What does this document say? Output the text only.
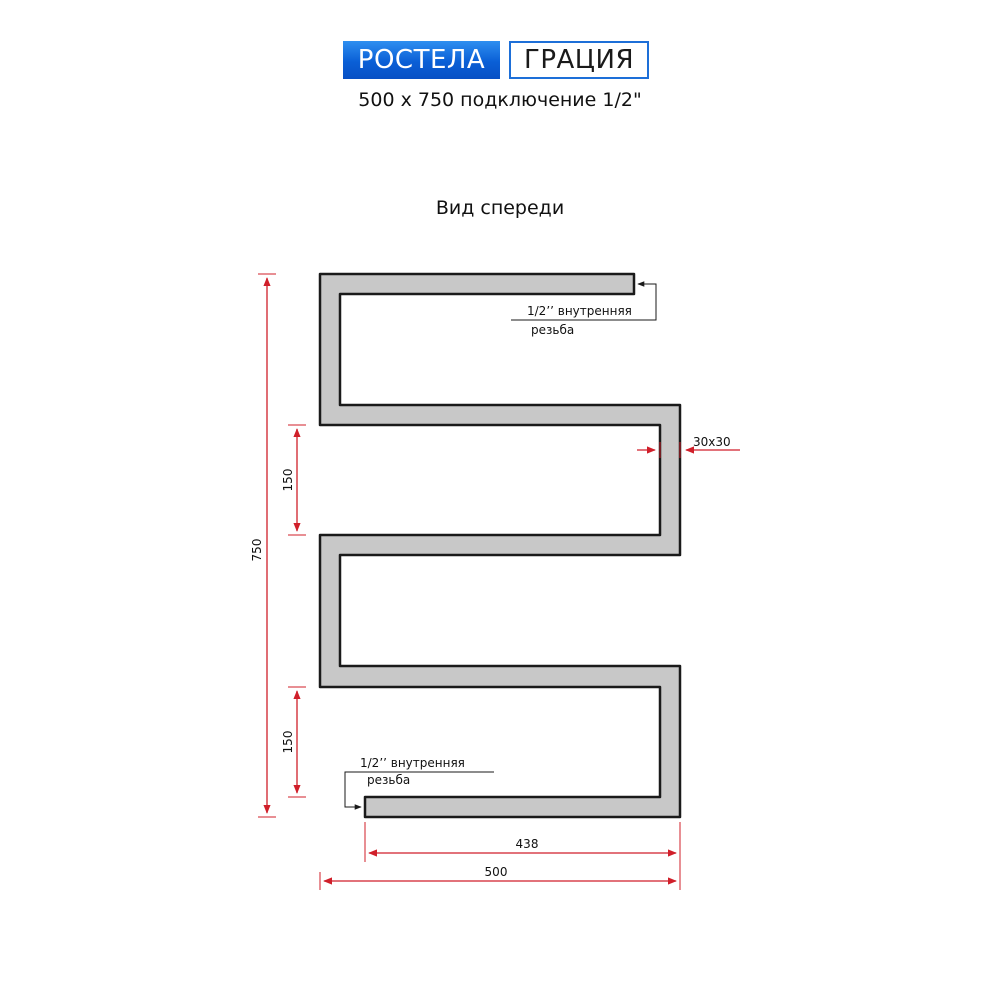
РОСТЕЛА	ГРАЦИЯ
500 х 750 подключение 1/2"
Вид спереди
750
150
150
30x30
438
500
1/2’’ внутренняя
резьба
1/2’’ внутренняя
резьба
